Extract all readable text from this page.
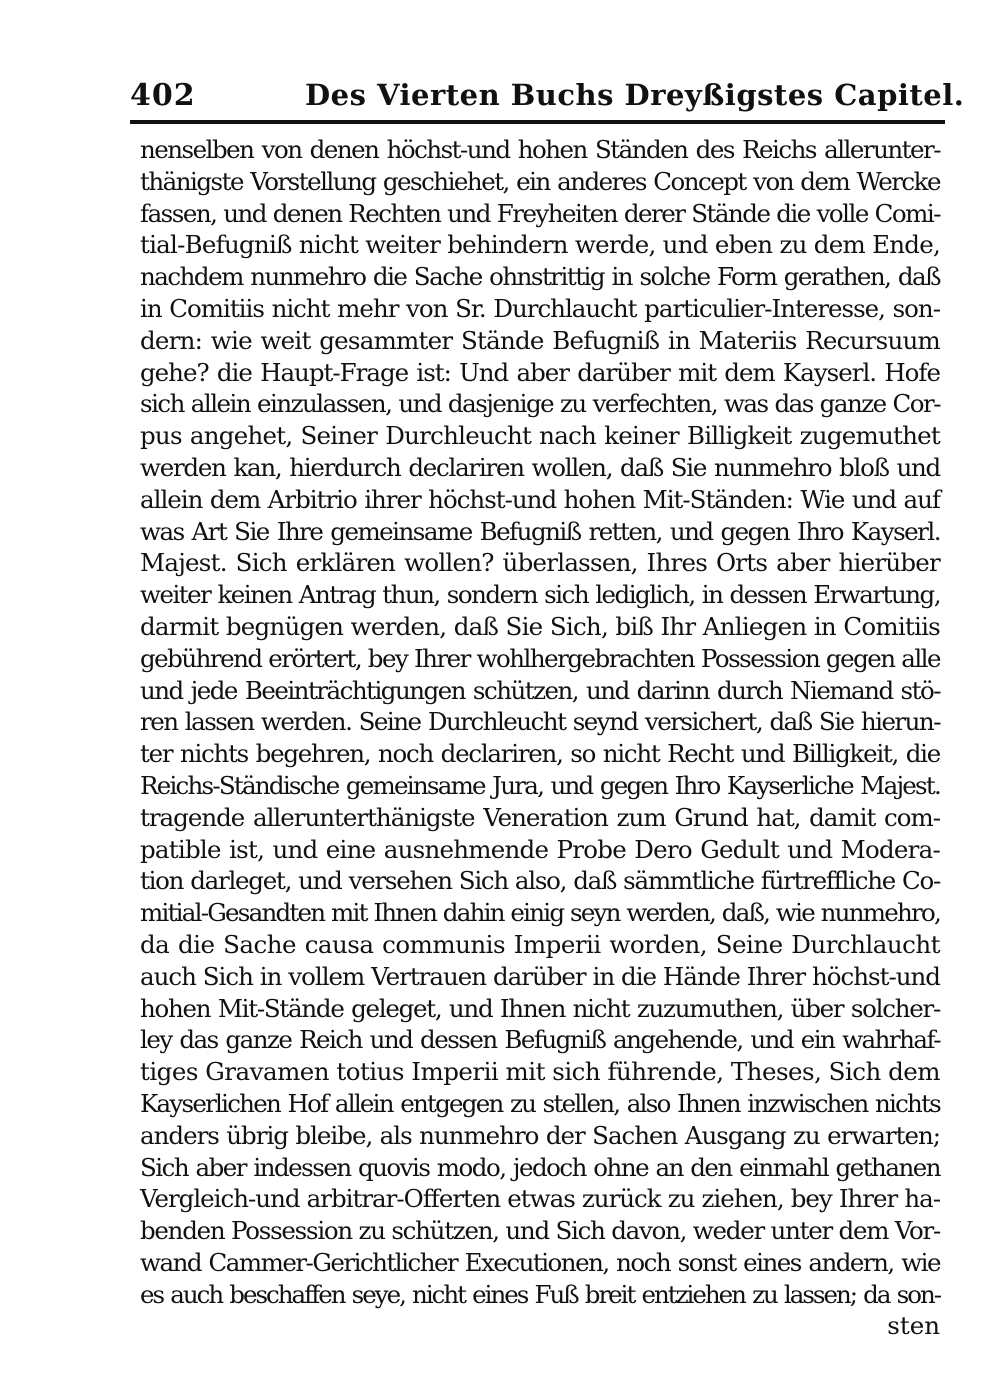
402	Des Vierten Buchs Dreyßigstes Capitel.
nenselben von denen höchst-und hohen Ständen des Reichs allerunter-
thänigste Vorstellung geschiehet, ein anderes Concept von dem Wercke
fassen, und denen Rechten und Freyheiten derer Stände die volle Comi-
tial-Befugniß nicht weiter behindern werde, und eben zu dem Ende,
nachdem nunmehro die Sache ohnstrittig in solche Form gerathen, daß
in Comitiis nicht mehr von Sr. Durchlaucht particulier-Interesse, son-
dern: wie weit gesammter Stände Befugniß in Materiis Recursuum
gehe? die Haupt-Frage ist: Und aber darüber mit dem Kayserl. Hofe
sich allein einzulassen, und dasjenige zu verfechten, was das ganze Cor-
pus angehet, Seiner Durchleucht nach keiner Billigkeit zugemuthet
werden kan, hierdurch declariren wollen, daß Sie nunmehro bloß und
allein dem Arbitrio ihrer höchst-und hohen Mit-Ständen: Wie und auf
was Art Sie Ihre gemeinsame Befugniß retten, und gegen Ihro Kayserl.
Majest. Sich erklären wollen? überlassen, Ihres Orts aber hierüber
weiter keinen Antrag thun, sondern sich lediglich, in dessen Erwartung,
darmit begnügen werden, daß Sie Sich, biß Ihr Anliegen in Comitiis
gebührend erörtert, bey Ihrer wohlhergebrachten Possession gegen alle
und jede Beeinträchtigungen schützen, und darinn durch Niemand stö-
ren lassen werden. Seine Durchleucht seynd versichert, daß Sie hierun-
ter nichts begehren, noch declariren, so nicht Recht und Billigkeit, die
Reichs-Ständische gemeinsame Jura, und gegen Ihro Kayserliche Majest.
tragende allerunterthänigste Veneration zum Grund hat, damit com-
patible ist, und eine ausnehmende Probe Dero Gedult und Modera-
tion darleget, und versehen Sich also, daß sämmtliche fürtreffliche Co-
mitial-Gesandten mit Ihnen dahin einig seyn werden, daß, wie nunmehro,
da die Sache causa communis Imperii worden, Seine Durchlaucht
auch Sich in vollem Vertrauen darüber in die Hände Ihrer höchst-und
hohen Mit-Stände geleget, und Ihnen nicht zuzumuthen, über solcher-
ley das ganze Reich und dessen Befugniß angehende, und ein wahrhaf-
tiges Gravamen totius Imperii mit sich führende, Theses, Sich dem
Kayserlichen Hof allein entgegen zu stellen, also Ihnen inzwischen nichts
anders übrig bleibe, als nunmehro der Sachen Ausgang zu erwarten;
Sich aber indessen quovis modo, jedoch ohne an den einmahl gethanen
Vergleich-und arbitrar-Offerten etwas zurück zu ziehen, bey Ihrer ha-
benden Possession zu schützen, und Sich davon, weder unter dem Vor-
wand Cammer-Gerichtlicher Executionen, noch sonst eines andern, wie
es auch beschaffen seye, nicht eines Fuß breit entziehen zu lassen; da son-
sten
